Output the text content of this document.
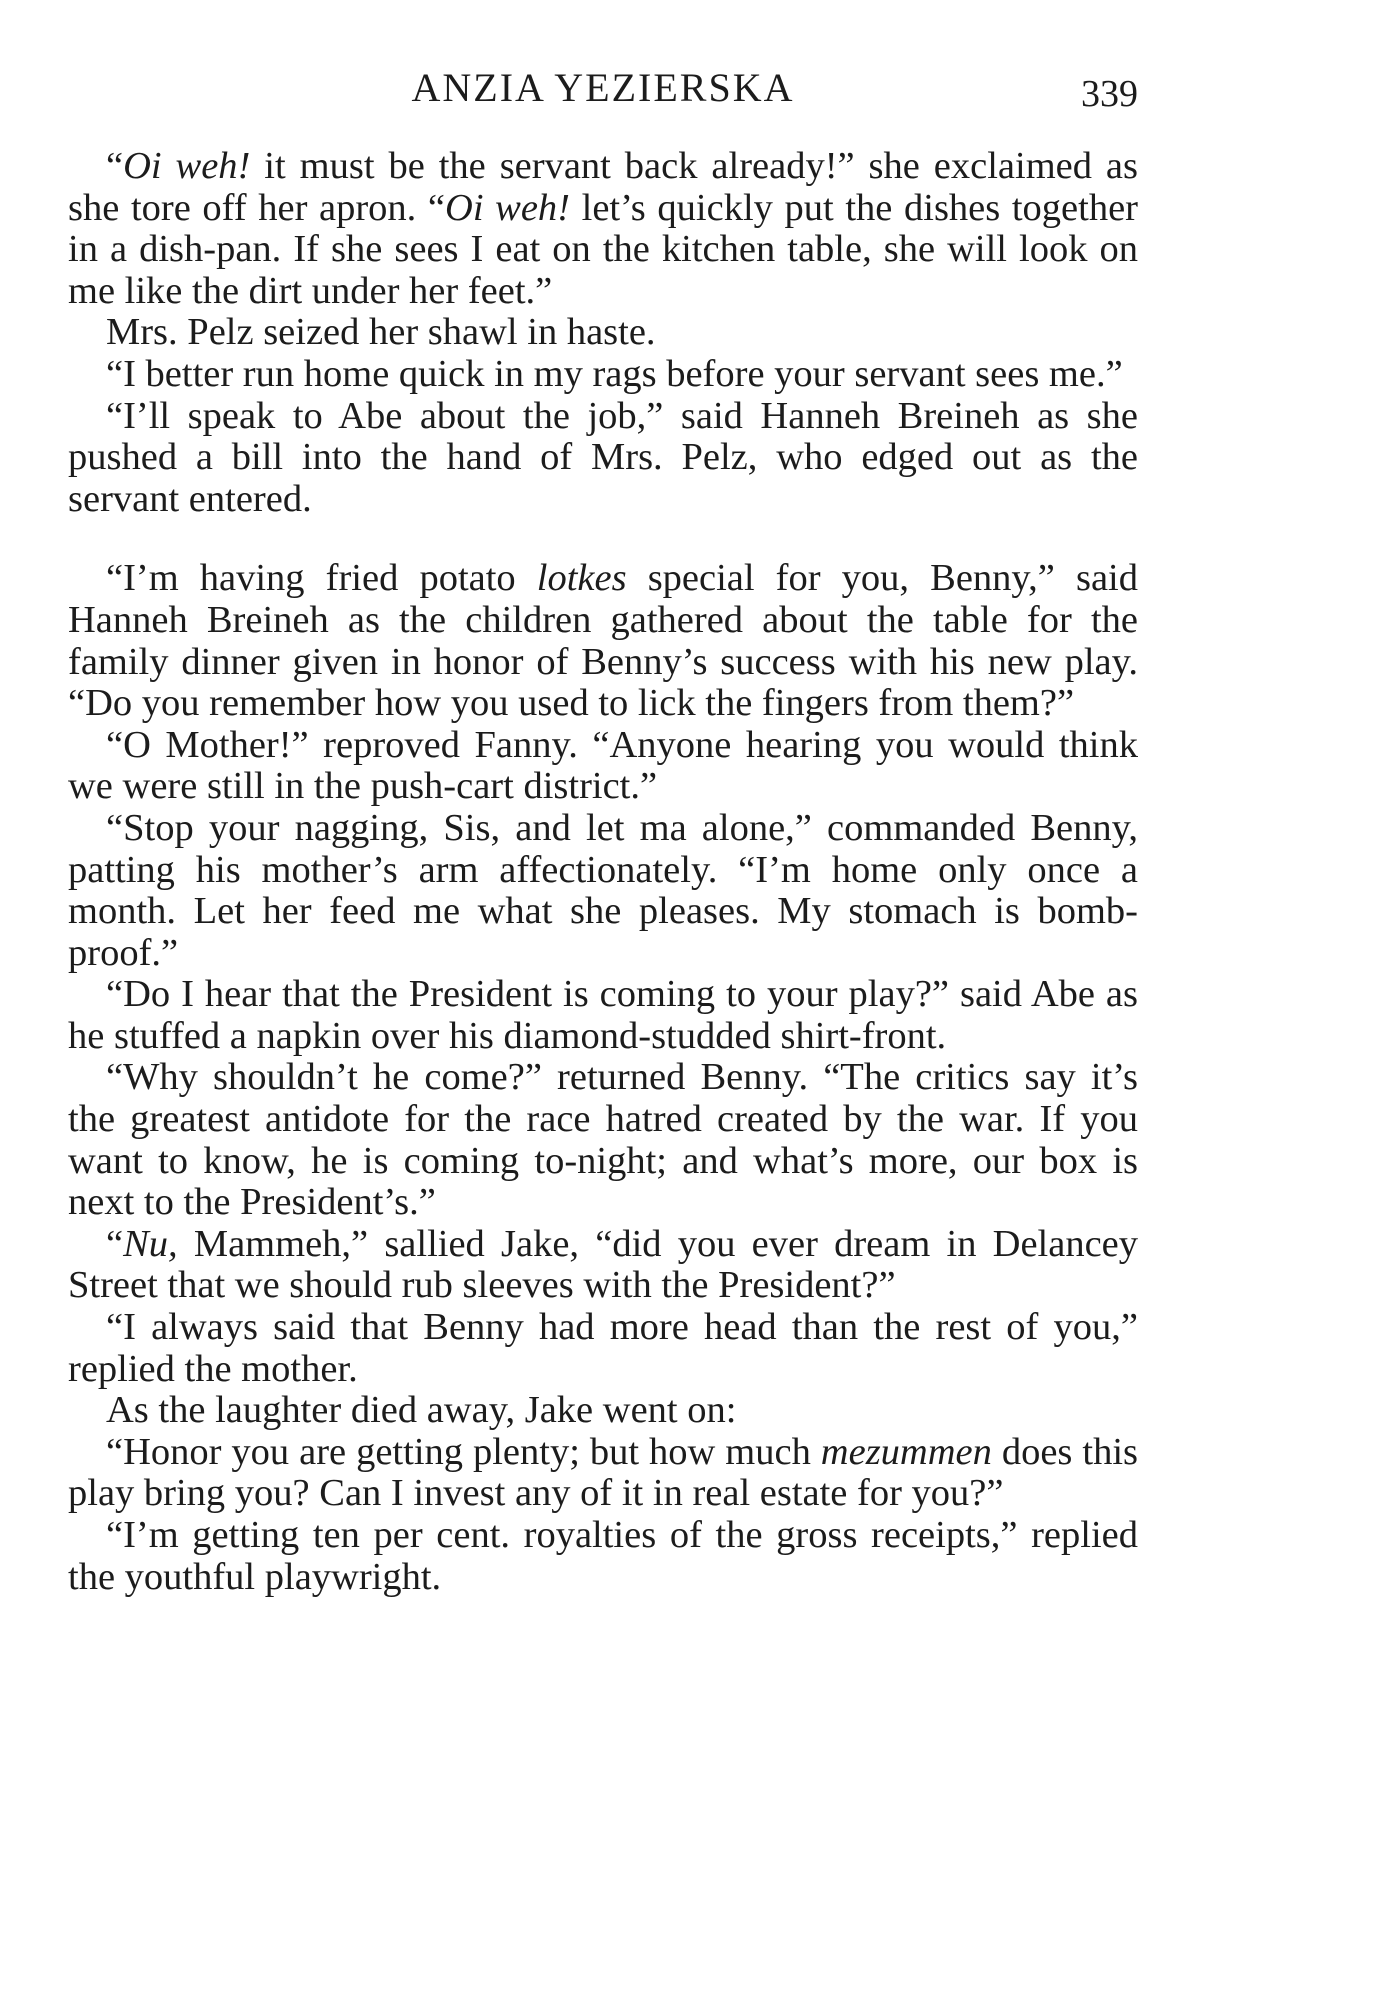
ANZIA YEZIERSKA	339

“Oi weh! it must be the servant back already!” she exclaimed as she tore off her apron. “Oi weh! let’s quickly put the dishes together in a dish-pan. If she sees I eat on the kitchen table, she will look on me like the dirt under her feet.”

Mrs. Pelz seized her shawl in haste.

“I better run home quick in my rags before your servant sees me.”

“I’ll speak to Abe about the job,” said Hanneh Breineh as she pushed a bill into the hand of Mrs. Pelz, who edged out as the servant entered.

“I’m having fried potato lotkes special for you, Benny,” said Hanneh Breineh as the children gathered about the table for the family dinner given in honor of Benny’s success with his new play. “Do you remember how you used to lick the fingers from them?”

“O Mother!” reproved Fanny. “Anyone hearing you would think we were still in the push-cart district.”

“Stop your nagging, Sis, and let ma alone,” commanded Benny, patting his mother’s arm affectionately. “I’m home only once a month. Let her feed me what she pleases. My stomach is bomb-proof.”

“Do I hear that the President is coming to your play?” said Abe as he stuffed a napkin over his diamond-studded shirt-front.

“Why shouldn’t he come?” returned Benny. “The critics say it’s the greatest antidote for the race hatred created by the war. If you want to know, he is coming to-night; and what’s more, our box is next to the President’s.”

“Nu, Mammeh,” sallied Jake, “did you ever dream in Delancey Street that we should rub sleeves with the President?”

“I always said that Benny had more head than the rest of you,” replied the mother.

As the laughter died away, Jake went on:

“Honor you are getting plenty; but how much mezummen does this play bring you? Can I invest any of it in real estate for you?”

“I’m getting ten per cent. royalties of the gross receipts,” replied the youthful playwright.
